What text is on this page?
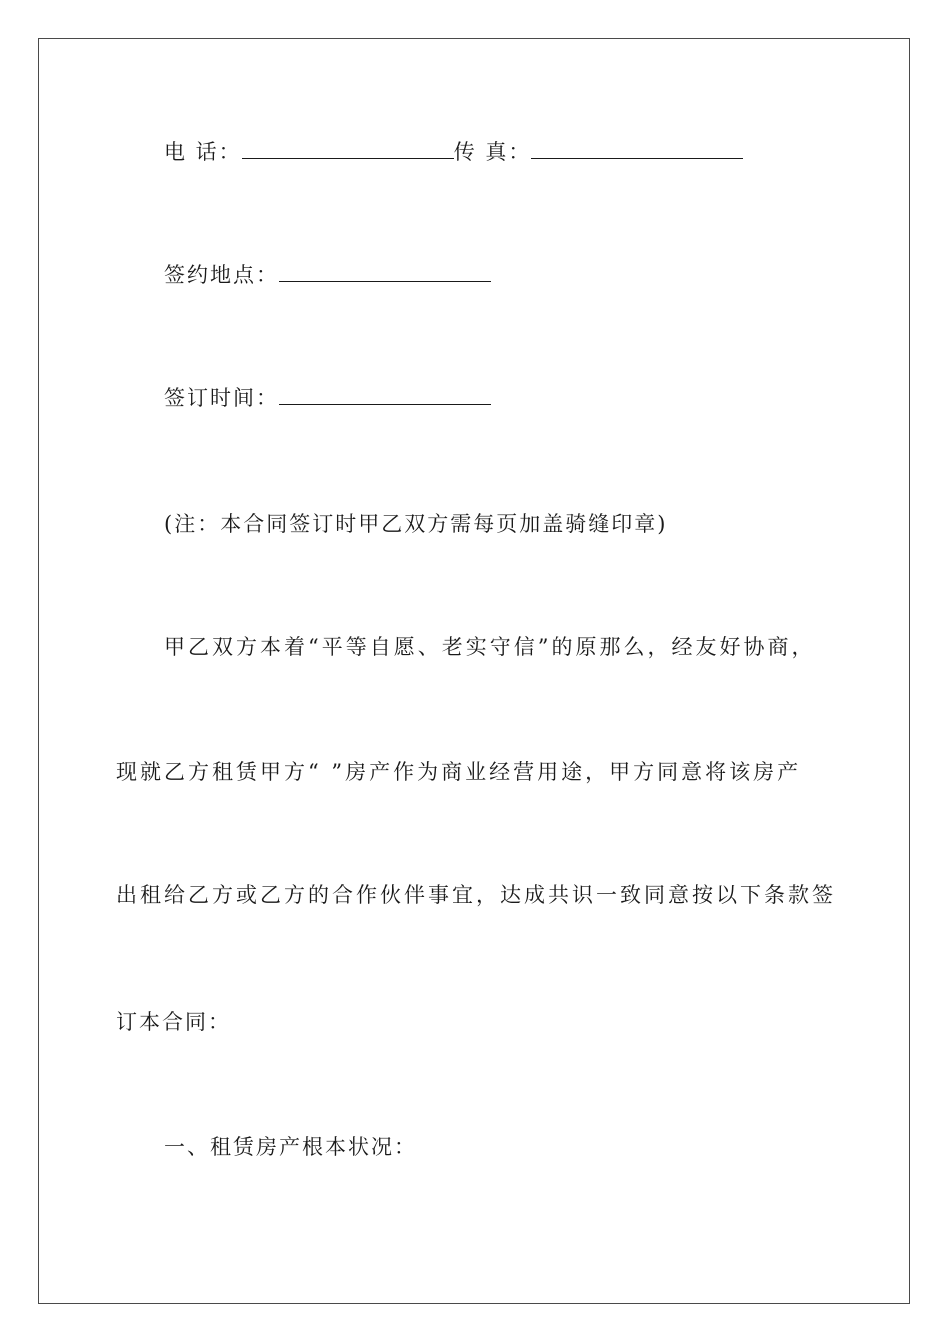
电 话：	传 真：
签约地点：
签订时间：
(注：本合同签订时甲乙双方需每页加盖骑缝印章)
甲乙双方本着“平等自愿、老实守信”的原那么，经友好协商，
现就乙方租赁甲方“ ”房产作为商业经营用途，甲方同意将该房产
出租给乙方或乙方的合作伙伴事宜，达成共识一致同意按以下条款签
订本合同：
一、租赁房产根本状况：
